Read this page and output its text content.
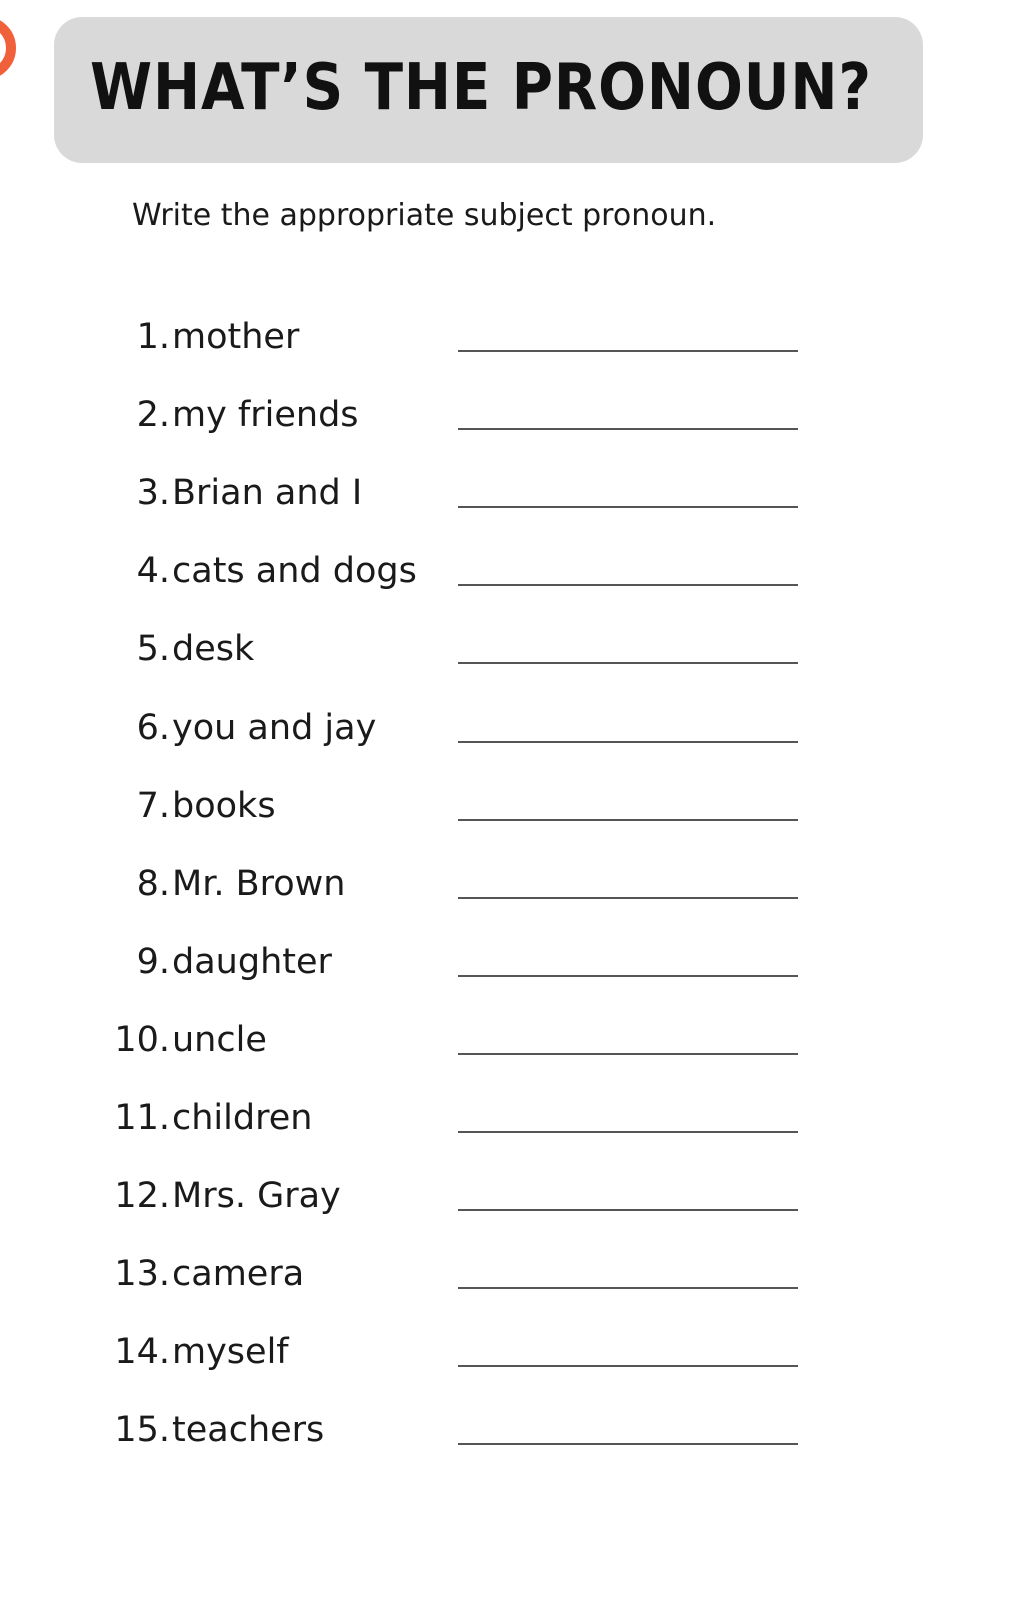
WHAT’S THE PRONOUN?

Write the appropriate subject pronoun.

1. mother
2. my friends
3. Brian and I
4. cats and dogs
5. desk
6. you and jay
7. books
8. Mr. Brown
9. daughter
10. uncle
11. children
12. Mrs. Gray
13. camera
14. myself
15. teachers
